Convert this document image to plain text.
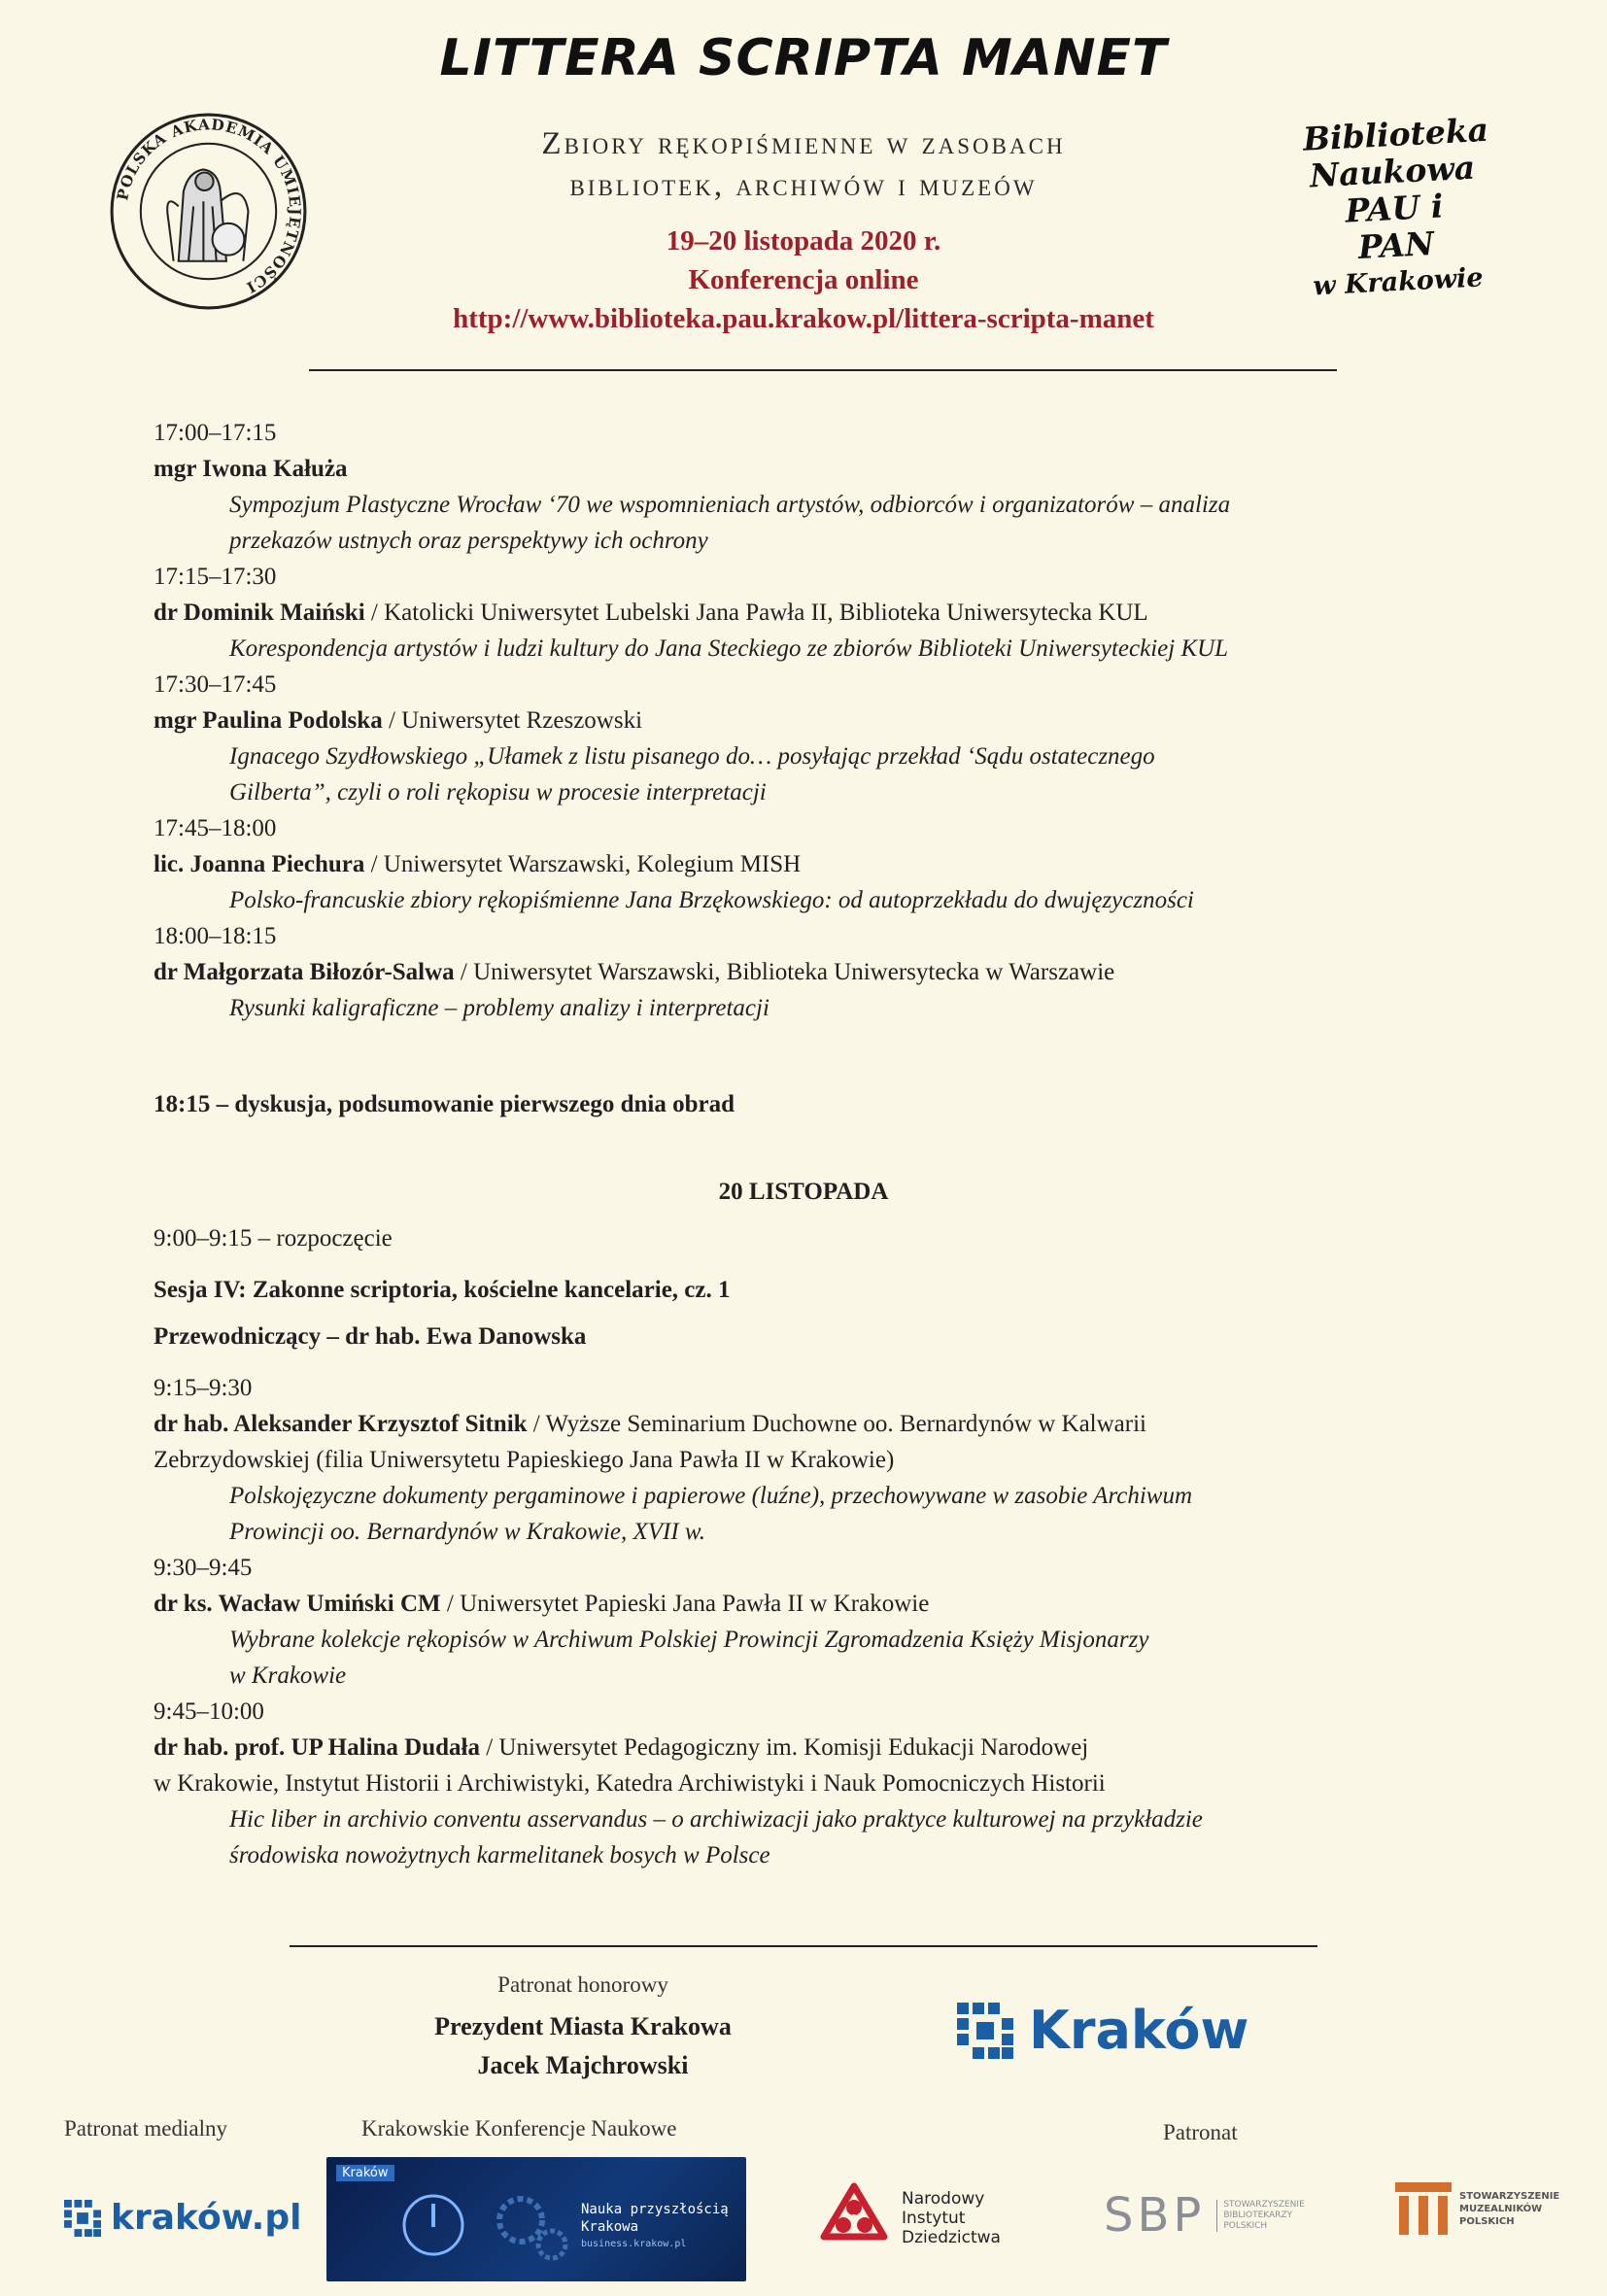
POLSKA AKADEMIA UMIEJĘTNOŚCI
LITTERA SCRIPTA MANET
Zbiory rękopiśmienne w zasobach
bibliotek, archiwów i muzeów
19–20 listopada 2020 r.
Konferencja online
http://www.biblioteka.pau.krakow.pl/littera-scripta-manet
Biblioteka
Naukowa
PAU i PAN
w Krakowie
17:00–17:15
mgr Iwona Kałuża
Sympozjum Plastyczne Wrocław ‘70 we wspomnieniach artystów, odbiorców i organizatorów – analiza
przekazów ustnych oraz perspektywy ich ochrony
17:15–17:30
dr Dominik Maiński / Katolicki Uniwersytet Lubelski Jana Pawła II, Biblioteka Uniwersytecka KUL
Korespondencja artystów i ludzi kultury do Jana Steckiego ze zbiorów Biblioteki Uniwersyteckiej KUL
17:30–17:45
mgr Paulina Podolska / Uniwersytet Rzeszowski
Ignacego Szydłowskiego „Ułamek z listu pisanego do… posyłając przekład ‘Sądu ostatecznego
Gilberta”, czyli o roli rękopisu w procesie interpretacji
17:45–18:00
lic. Joanna Piechura / Uniwersytet Warszawski, Kolegium MISH
Polsko-francuskie zbiory rękopiśmienne Jana Brzękowskiego: od autoprzekładu do dwujęzyczności
18:00–18:15
dr Małgorzata Biłozór-Salwa / Uniwersytet Warszawski, Biblioteka Uniwersytecka w Warszawie
Rysunki kaligraficzne – problemy analizy i interpretacji
18:15 – dyskusja, podsumowanie pierwszego dnia obrad
20 LISTOPADA
9:00–9:15 – rozpoczęcie
Sesja IV: Zakonne scriptoria, kościelne kancelarie, cz. 1
Przewodniczący – dr hab. Ewa Danowska
9:15–9:30
dr hab. Aleksander Krzysztof Sitnik / Wyższe Seminarium Duchowne oo. Bernardynów w Kalwarii
Zebrzydowskiej (filia Uniwersytetu Papieskiego Jana Pawła II w Krakowie)
Polskojęzyczne dokumenty pergaminowe i papierowe (luźne), przechowywane w zasobie Archiwum
Prowincji oo. Bernardynów w Krakowie, XVII w.
9:30–9:45
dr ks. Wacław Umiński CM / Uniwersytet Papieski Jana Pawła II w Krakowie
Wybrane kolekcje rękopisów w Archiwum Polskiej Prowincji Zgromadzenia Księży Misjonarzy
w Krakowie
9:45–10:00
dr hab. prof. UP Halina Dudała / Uniwersytet Pedagogiczny im. Komisji Edukacji Narodowej
w Krakowie, Instytut Historii i Archiwistyki, Katedra Archiwistyki i Nauk Pomocniczych Historii
Hic liber in archivio conventu asservandus – o archiwizacji jako praktyce kulturowej na przykładzie
środowiska nowożytnych karmelitanek bosych w Polsce
Patronat honorowy
Prezydent Miasta Krakowa
Jacek Majchrowski
Kraków
Patronat medialny	Krakowskie Konferencje Naukowe	Patronat
kraków.pl
Kraków
Nauka przyszłością
Krakowa
business.krakow.pl
Narodowy
Instytut
Dziedzictwa SBP STOWARZYSZENIE
BIBLIOTEKARZY
POLSKICH
STOWARZYSZENIE
MUZEALNIKÓW
POLSKICH
